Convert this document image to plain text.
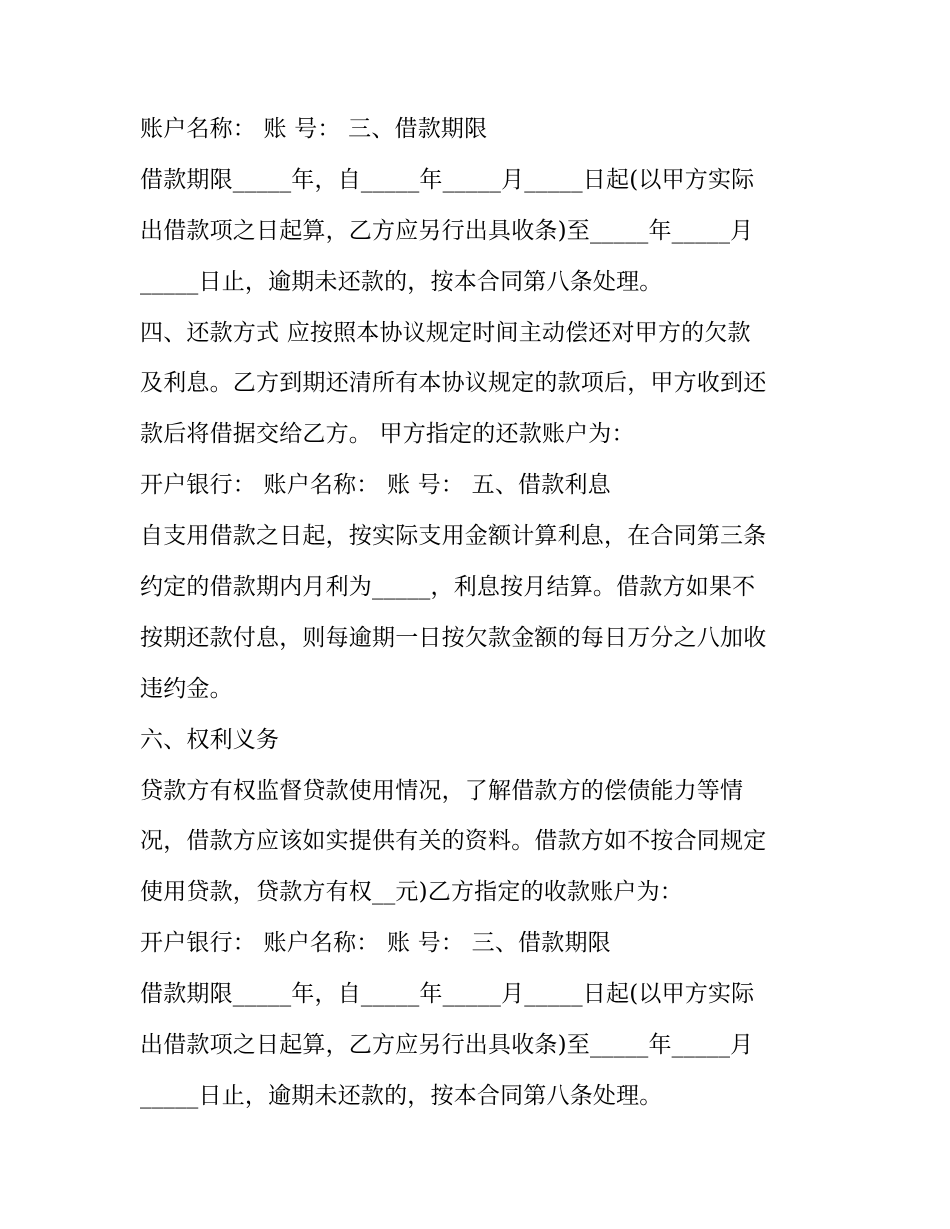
账户名称： 账 号： 三、借款期限
借款期限_____年，自_____年_____月_____日起(以甲方实际
出借款项之日起算，乙方应另行出具收条)至_____年_____月
_____日止，逾期未还款的，按本合同第八条处理。
四、还款方式 应按照本协议规定时间主动偿还对甲方的欠款
及利息。乙方到期还清所有本协议规定的款项后，甲方收到还
款后将借据交给乙方。 甲方指定的还款账户为：
开户银行： 账户名称： 账 号： 五、借款利息
自支用借款之日起，按实际支用金额计算利息，在合同第三条
约定的借款期内月利为_____，利息按月结算。借款方如果不
按期还款付息，则每逾期一日按欠款金额的每日万分之八加收
违约金。
六、权利义务
贷款方有权监督贷款使用情况，了解借款方的偿债能力等情
况，借款方应该如实提供有关的资料。借款方如不按合同规定
使用贷款，贷款方有权__元)乙方指定的收款账户为：
开户银行： 账户名称： 账 号： 三、借款期限
借款期限_____年，自_____年_____月_____日起(以甲方实际
出借款项之日起算，乙方应另行出具收条)至_____年_____月
_____日止，逾期未还款的，按本合同第八条处理。
